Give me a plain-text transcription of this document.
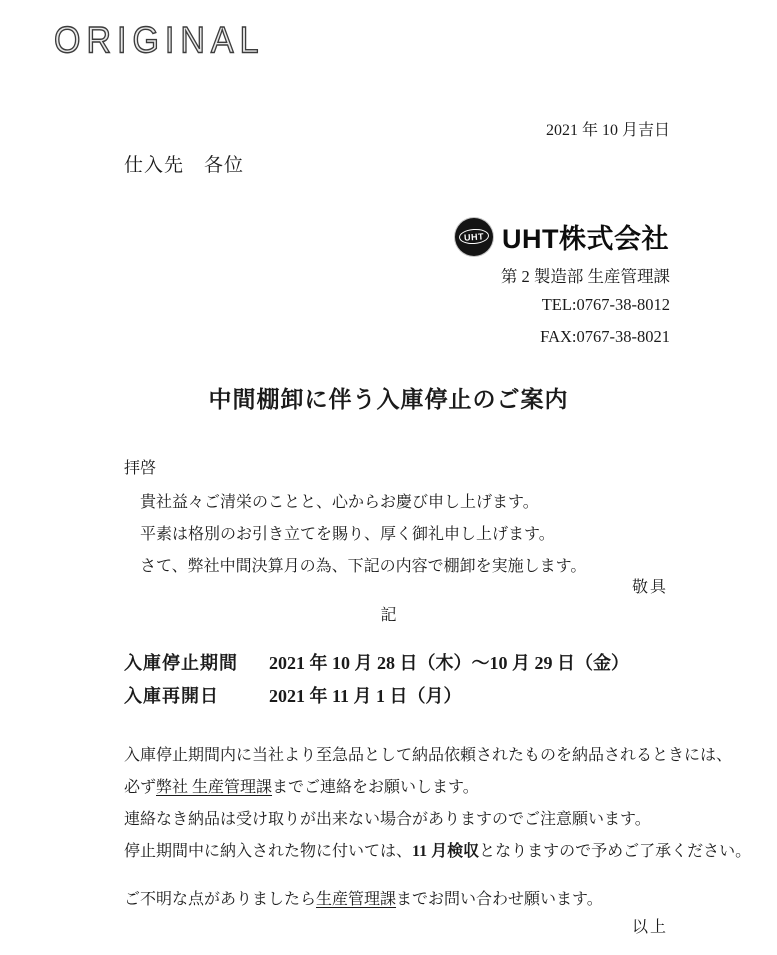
ORIGINAL
2021 年 10 月吉日
仕入先　各位
UHT UHT株式会社
第 2 製造部 生産管理課
TEL:0767-38-8012
FAX:0767-38-8021
中間棚卸に伴う入庫停止のご案内
拝啓
貴社益々ご清栄のことと、心からお慶び申し上げます。
平素は格別のお引き立てを賜り、厚く御礼申し上げます。
さて、弊社中間決算月の為、下記の内容で棚卸を実施します。
敬具
記
入庫停止期間	2021 年 10 月 28 日（木）～10 月 29 日（金）
入庫再開日	2021 年 11 月 1 日（月）
入庫停止期間内に当社より至急品として納品依頼されたものを納品されるときには、
必ず弊社 生産管理課までご連絡をお願いします。
連絡なき納品は受け取りが出来ない場合がありますのでご注意願います。
停止期間中に納入された物に付いては、11 月検収となりますので予めご了承ください。
ご不明な点がありましたら生産管理課までお問い合わせ願います。
以上
